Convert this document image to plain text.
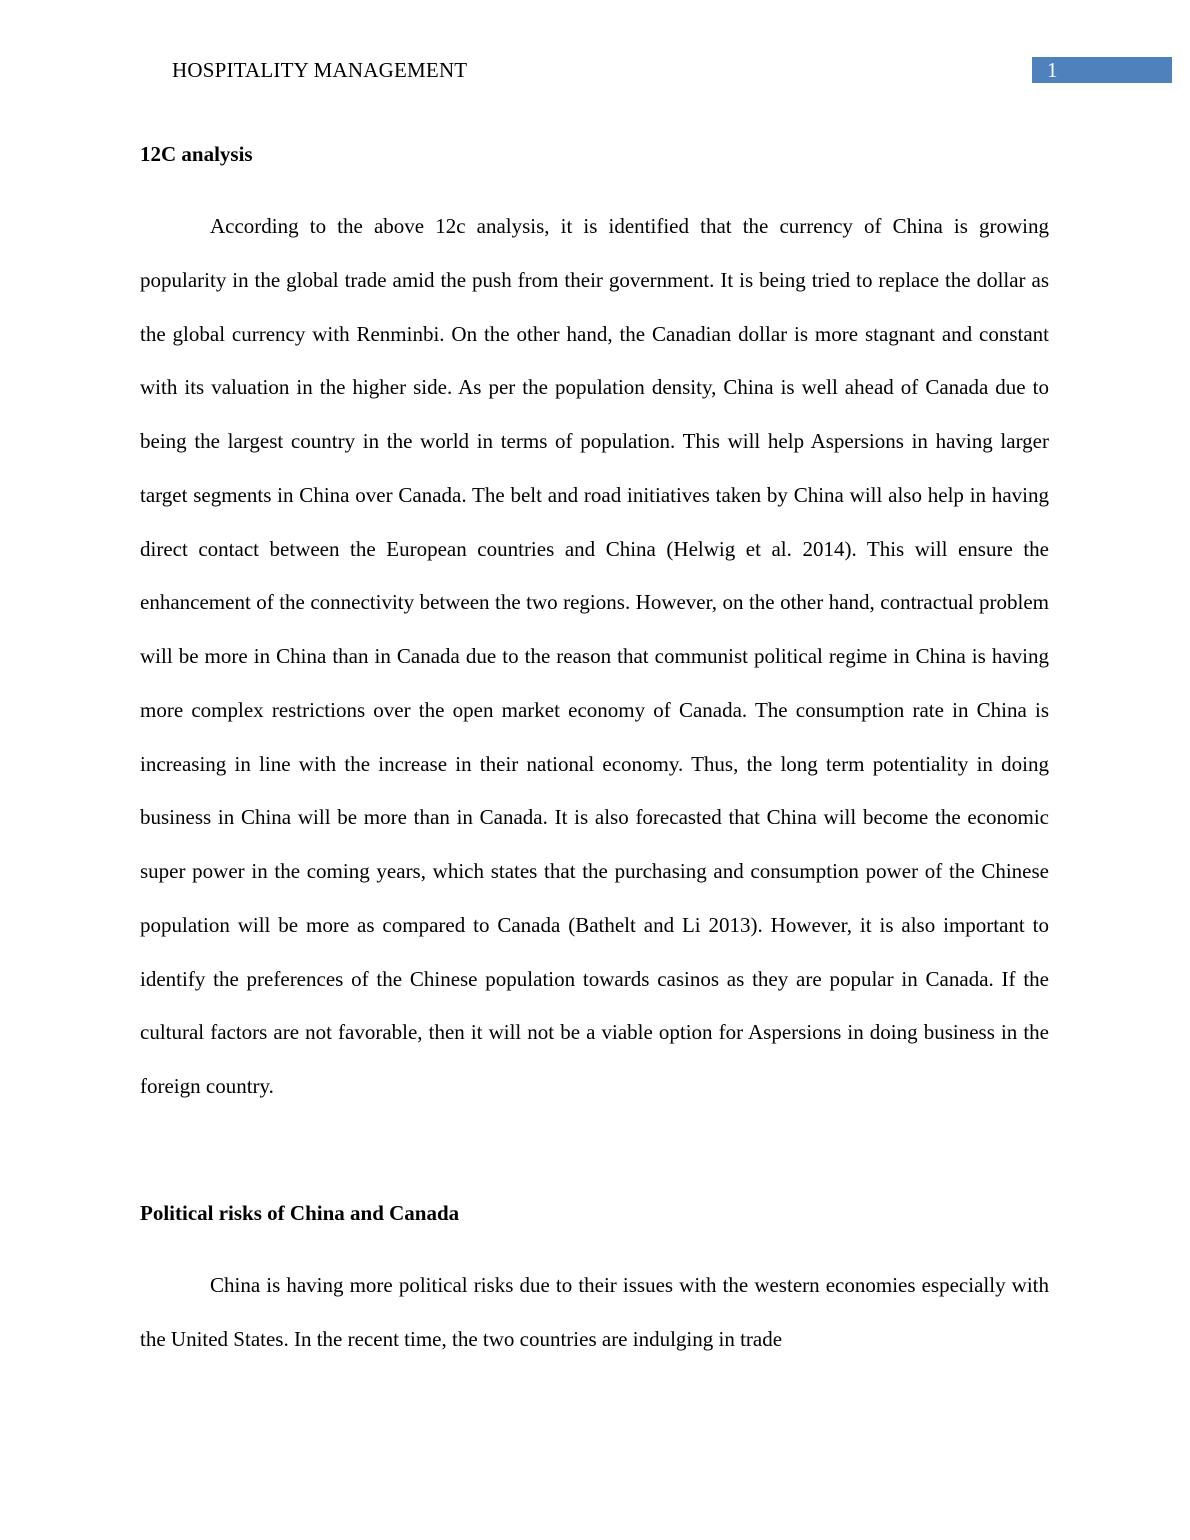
HOSPITALITY MANAGEMENT	1
12C analysis

According to the above 12c analysis, it is identified that the currency of China is growing popularity in the global trade amid the push from their government. It is being tried to replace the dollar as the global currency with Renminbi. On the other hand, the Canadian dollar is more stagnant and constant with its valuation in the higher side. As per the population density, China is well ahead of Canada due to being the largest country in the world in terms of population. This will help Aspersions in having larger target segments in China over Canada. The belt and road initiatives taken by China will also help in having direct contact between the European countries and China (Helwig et al. 2014). This will ensure the enhancement of the connectivity between the two regions. However, on the other hand, contractual problem will be more in China than in Canada due to the reason that communist political regime in China is having more complex restrictions over the open market economy of Canada. The consumption rate in China is increasing in line with the increase in their national economy. Thus, the long term potentiality in doing business in China will be more than in Canada. It is also forecasted that China will become the economic super power in the coming years, which states that the purchasing and consumption power of the Chinese population will be more as compared to Canada (Bathelt and Li 2013). However, it is also important to identify the preferences of the Chinese population towards casinos as they are popular in Canada. If the cultural factors are not favorable, then it will not be a viable option for Aspersions in doing business in the foreign country.

Political risks of China and Canada

China is having more political risks due to their issues with the western economies especially with the United States. In the recent time, the two countries are indulging in trade
